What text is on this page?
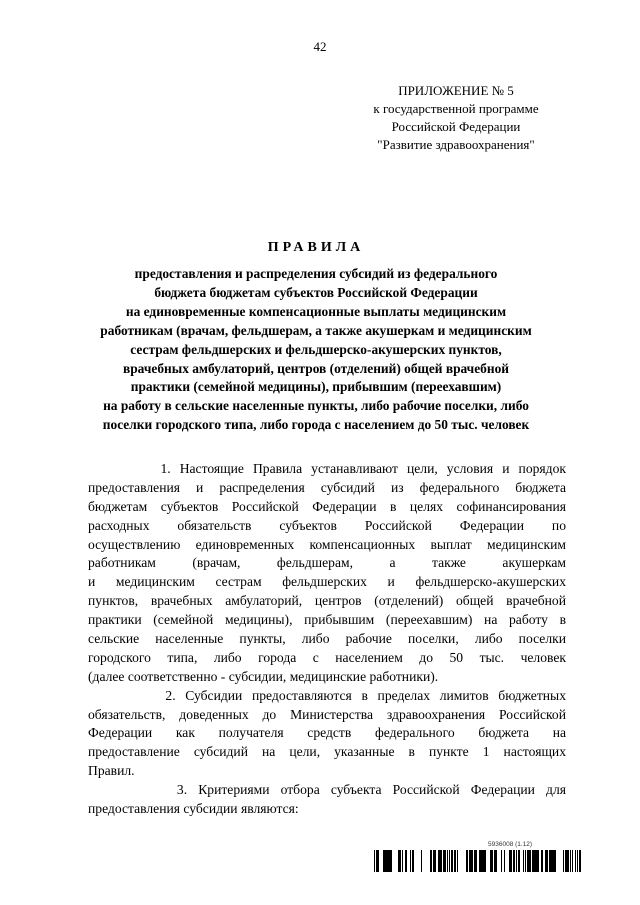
42
ПРИЛОЖЕНИЕ № 5
к государственной программе
Российской Федерации
"Развитие здравоохранения"
ПРАВИЛА
предоставления и распределения субсидий из федерального
бюджета бюджетам субъектов Российской Федерации
на единовременные компенсационные выплаты медицинским
работникам (врачам, фельдшерам, а также акушеркам и медицинским
сестрам фельдшерских и фельдшерско-акушерских пунктов,
врачебных амбулаторий, центров (отделений) общей врачебной
практики (семейной медицины), прибывшим (переехавшим)
на работу в сельские населенные пункты, либо рабочие поселки, либо
поселки городского типа, либо города с населением до 50 тыс. человек
1. Настоящие Правила устанавливают цели, условия и порядок
предоставления и распределения субсидий из федерального бюджета
бюджетам субъектов Российской Федерации в целях софинансирования
расходных обязательств субъектов Российской Федерации по
осуществлению единовременных компенсационных выплат медицинским
работникам (врачам, фельдшерам, а также акушеркам
и медицинским сестрам фельдшерских и фельдшерско-акушерских
пунктов, врачебных амбулаторий, центров (отделений) общей врачебной
практики (семейной медицины), прибывшим (переехавшим) на работу в
сельские населенные пункты, либо рабочие поселки, либо поселки
городского типа, либо города с населением до 50 тыс. человек
(далее соответственно - субсидии, медицинские работники).
2. Субсидии предоставляются в пределах лимитов бюджетных
обязательств, доведенных до Министерства здравоохранения Российской
Федерации как получателя средств федерального бюджета на
предоставление субсидий на цели, указанные в пункте 1 настоящих
Правил.
3. Критериями отбора субъекта Российской Федерации для
предоставления субсидии являются:
5936008 (1.12)
